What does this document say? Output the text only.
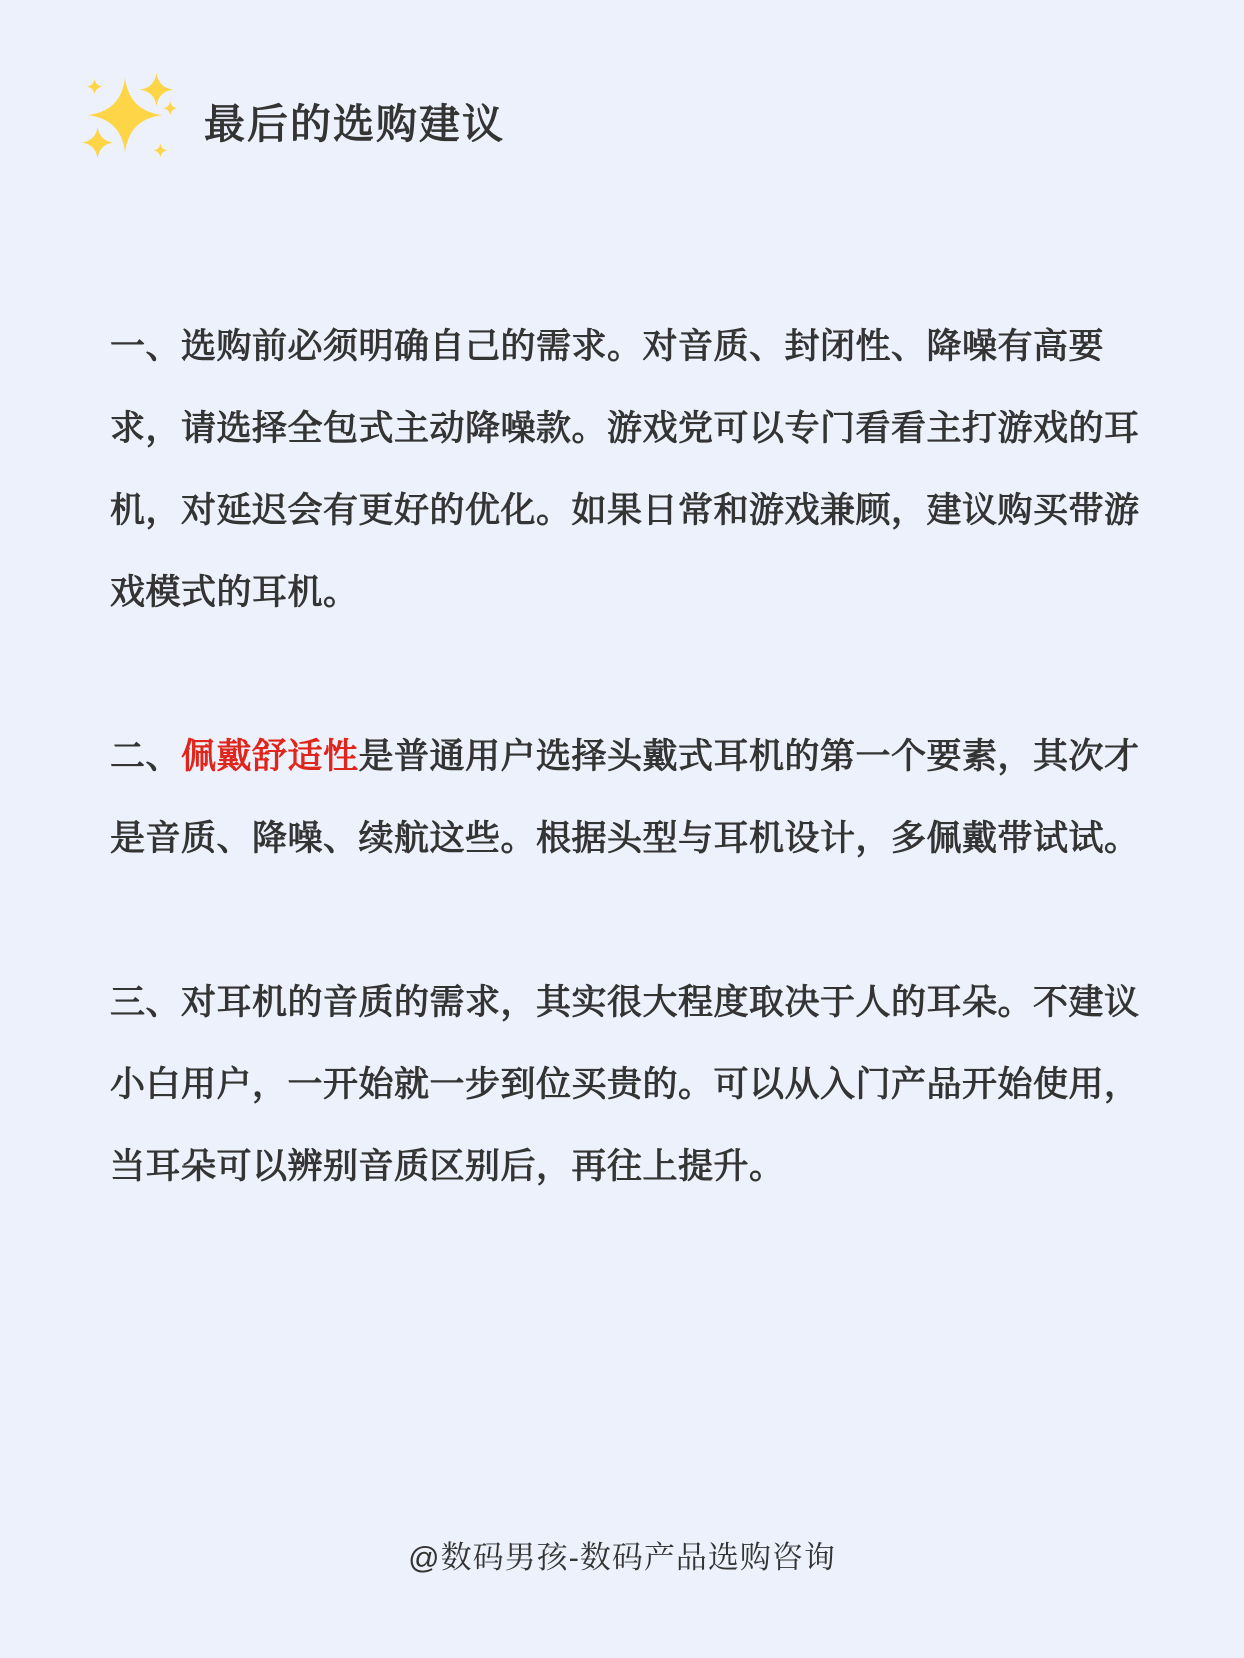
最后的选购建议
一、选购前必须明确自己的需求。对音质、封闭性、降噪有高要
求，请选择全包式主动降噪款。游戏党可以专门看看主打游戏的耳
机，对延迟会有更好的优化。如果日常和游戏兼顾，建议购买带游
戏模式的耳机。
二、佩戴舒适性是普通用户选择头戴式耳机的第一个要素，其次才
是音质、降噪、续航这些。根据头型与耳机设计，多佩戴带试试。
三、对耳机的音质的需求，其实很大程度取决于人的耳朵。不建议
小白用户，一开始就一步到位买贵的。可以从入门产品开始使用，
当耳朵可以辨别音质区别后，再往上提升。
@数码男孩-数码产品选购咨询
